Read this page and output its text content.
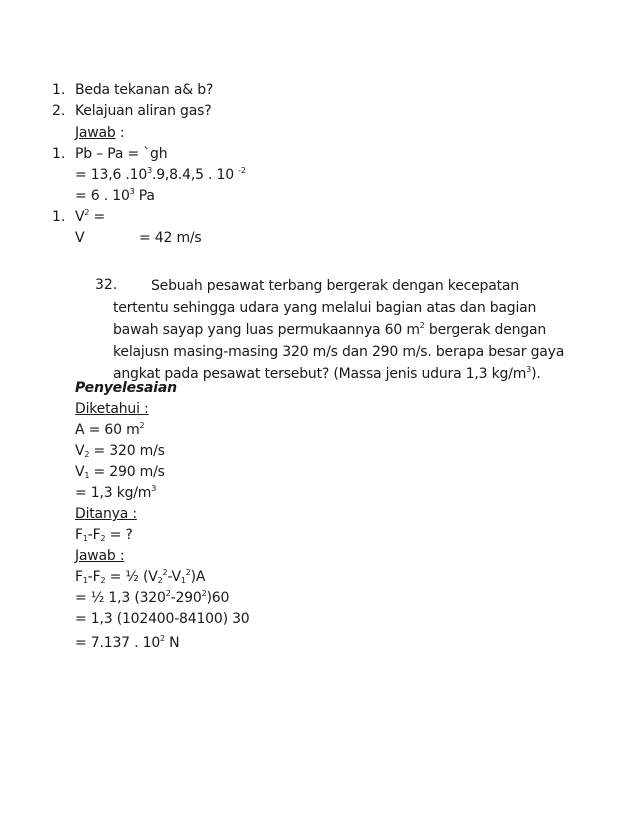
1. Beda tekanan a& b?
2. Kelajuan aliran gas?
Jawab :
1. Pb – Pa = `gh
= 13,6 $.10^3.9,8.4,5$ . 10 $^{-2}$
= 6 . $10^3$ Pa
1. $V^2$ =
V	= 42 m/s
32.	Sebuah pesawat terbang bergerak dengan kecepatan tertentu sehingga udara yang melalui bagian atas dan bagian bawah sayap yang luas permukaannya 60 $m^2$ bergerak dengan kelajusn masing-masing 320 m/s dan 290 m/s. berapa besar gaya angkat pada pesawat tersebut? (Massa jenis udura 1,3 $kg/m^3$).
Penyelesaian
Diketahui :
A = 60 $m^2$
$V_2 = 320$ m/s
$V_1 = 290$ m/s
= 1,3 $kg/m^3$
Ditanya :
$F_1-F_2$ = ?
Jawab :
$F_1-F_2$ = ½ $(V_2^2-V_1^2)A$
= ½ 1,3 $(320^2-290^2)60$
= 1,3 (102400-84100) 30
= 7.137 . $10^2$ N
